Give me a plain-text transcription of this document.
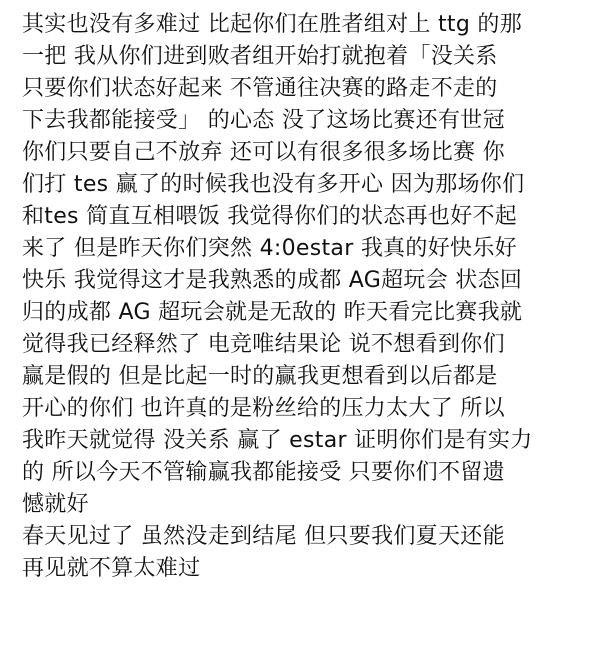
其实也没有多难过 比起你们在胜者组对上 ttg 的那
一把 我从你们进到败者组开始打就抱着「没关系
只要你们状态好起来 不管通往决赛的路走不走的
下去我都能接受」 的心态 没了这场比赛还有世冠
你们只要自己不放弃 还可以有很多很多场比赛 你
们打 tes 赢了的时候我也没有多开心 因为那场你们
和tes 简直互相喂饭 我觉得你们的状态再也好不起
来了 但是昨天你们突然 4:0estar 我真的好快乐好
快乐 我觉得这才是我熟悉的成都 AG超玩会 状态回
归的成都 AG 超玩会就是无敌的 昨天看完比赛我就
觉得我已经释然了 电竞唯结果论 说不想看到你们
赢是假的 但是比起一时的赢我更想看到以后都是
开心的你们 也许真的是粉丝给的压力太大了 所以
我昨天就觉得 没关系 赢了 estar 证明你们是有实力
的 所以今天不管输赢我都能接受 只要你们不留遗
憾就好
春天见过了 虽然没走到结尾 但只要我们夏天还能
再见就不算太难过
